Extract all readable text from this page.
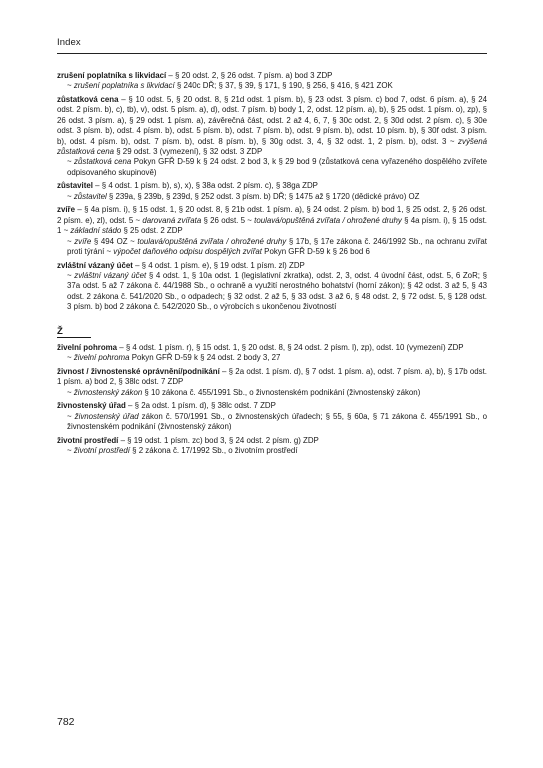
Index

zrušení poplatníka s likvidací – § 20 odst. 2, § 26 odst. 7 písm. a) bod 3 ZDP

~ zrušení poplatníka s likvidací § 240c DŘ; § 37, § 39, § 171, § 190, § 256, § 416, § 421 ZOK

zůstatková cena – § 10 odst. 5, § 20 odst. 8, § 21d odst. 1 písm. b), § 23 odst. 3 písm. c) bod 7, odst. 6 písm. a), § 24 odst. 2 písm. b), c), tb), v), odst. 5 písm. a), d), odst. 7 písm. b) body 1, 2, odst. 12 písm. a), b), § 25 odst. 1 písm. o), zp), § 26 odst. 3 písm. a), § 29 odst. 1 písm. a), závěrečná část, odst. 2 až 4, 6, 7, § 30c odst. 2, § 30d odst. 2 písm. c), § 30e odst. 3 písm. b), odst. 4 písm. b), odst. 5 písm. b), odst. 7 písm. b), odst. 9 písm. b), odst. 10 písm. b), § 30f odst. 3 písm. b), odst. 4 písm. b), odst. 7 písm. b), odst. 8 písm. b), § 30g odst. 3, 4, § 32 odst. 1, 2 písm. b), odst. 3 ~ zvýšená zůstatková cena § 29 odst. 3 (vymezení), § 32 odst. 3 ZDP

~ zůstatková cena Pokyn GFŘ D-59 k § 24 odst. 2 bod 3, k § 29 bod 9 (zůstatková cena vyřazeného dospělého zvířete odpisovaného skupinově)

zůstavitel – § 4 odst. 1 písm. b), s), x), § 38a odst. 2 písm. c), § 38ga ZDP

~ zůstavitel § 239a, § 239b, § 239d, § 252 odst. 3 písm. b) DŘ; § 1475 až § 1720 (dědické právo) OZ

zvíře – § 4a písm. i), § 15 odst. 1, § 20 odst. 8, § 21b odst. 1 písm. a), § 24 odst. 2 písm. b) bod 1, § 25 odst. 2, § 26 odst. 2 písm. e), zl), odst. 5 ~ darovaná zvířata § 26 odst. 5 ~ toulavá/opuštěná zvířata / ohrožené druhy § 4a písm. i), § 15 odst. 1 ~ základní stádo § 25 odst. 2 ZDP

~ zvíře § 494 OZ ~ toulavá/opuštěná zvířata / ohrožené druhy § 17b, § 17e zákona č. 246/1992 Sb., na ochranu zvířat proti týrání ~ výpočet daňového odpisu dospělých zvířat Pokyn GFŘ D-59 k § 26 bod 6

zvláštní vázaný účet – § 4 odst. 1 písm. e), § 19 odst. 1 písm. zl) ZDP

~ zvláštní vázaný účet § 4 odst. 1, § 10a odst. 1 (legislativní zkratka), odst. 2, 3, odst. 4 úvodní část, odst. 5, 6 ZoR; § 37a odst. 5 až 7 zákona č. 44/1988 Sb., o ochraně a využití nerostného bohatství (horní zákon); § 42 odst. 3 až 5, § 43 odst. 2 zákona č. 541/2020 Sb., o odpadech; § 32 odst. 2 až 5, § 33 odst. 3 až 6, § 48 odst. 2, § 72 odst. 5, § 128 odst. 3 písm. b) bod 2 zákona č. 542/2020 Sb., o výrobcích s ukončenou životností

Ž

živelní pohroma – § 4 odst. 1 písm. r), § 15 odst. 1, § 20 odst. 8, § 24 odst. 2 písm. l), zp), odst. 10 (vymezení) ZDP

~ živelní pohroma Pokyn GFŘ D-59 k § 24 odst. 2 body 3, 27

živnost / živnostenské oprávnění/podnikání – § 2a odst. 1 písm. d), § 7 odst. 1 písm. a), odst. 7 písm. a), b), § 17b odst. 1 písm. a) bod 2, § 38lc odst. 7 ZDP

~ živnostenský zákon § 10 zákona č. 455/1991 Sb., o živnostenském podnikání (živnostenský zákon)

živnostenský úřad – § 2a odst. 1 písm. d), § 38lc odst. 7 ZDP

~ živnostenský úřad zákon č. 570/1991 Sb., o živnostenských úřadech; § 55, § 60a, § 71 zákona č. 455/1991 Sb., o živnostenském podnikání (živnostenský zákon)

životní prostředí – § 19 odst. 1 písm. zc) bod 3, § 24 odst. 2 písm. g) ZDP

~ životní prostředí § 2 zákona č. 17/1992 Sb., o životním prostředí

782
